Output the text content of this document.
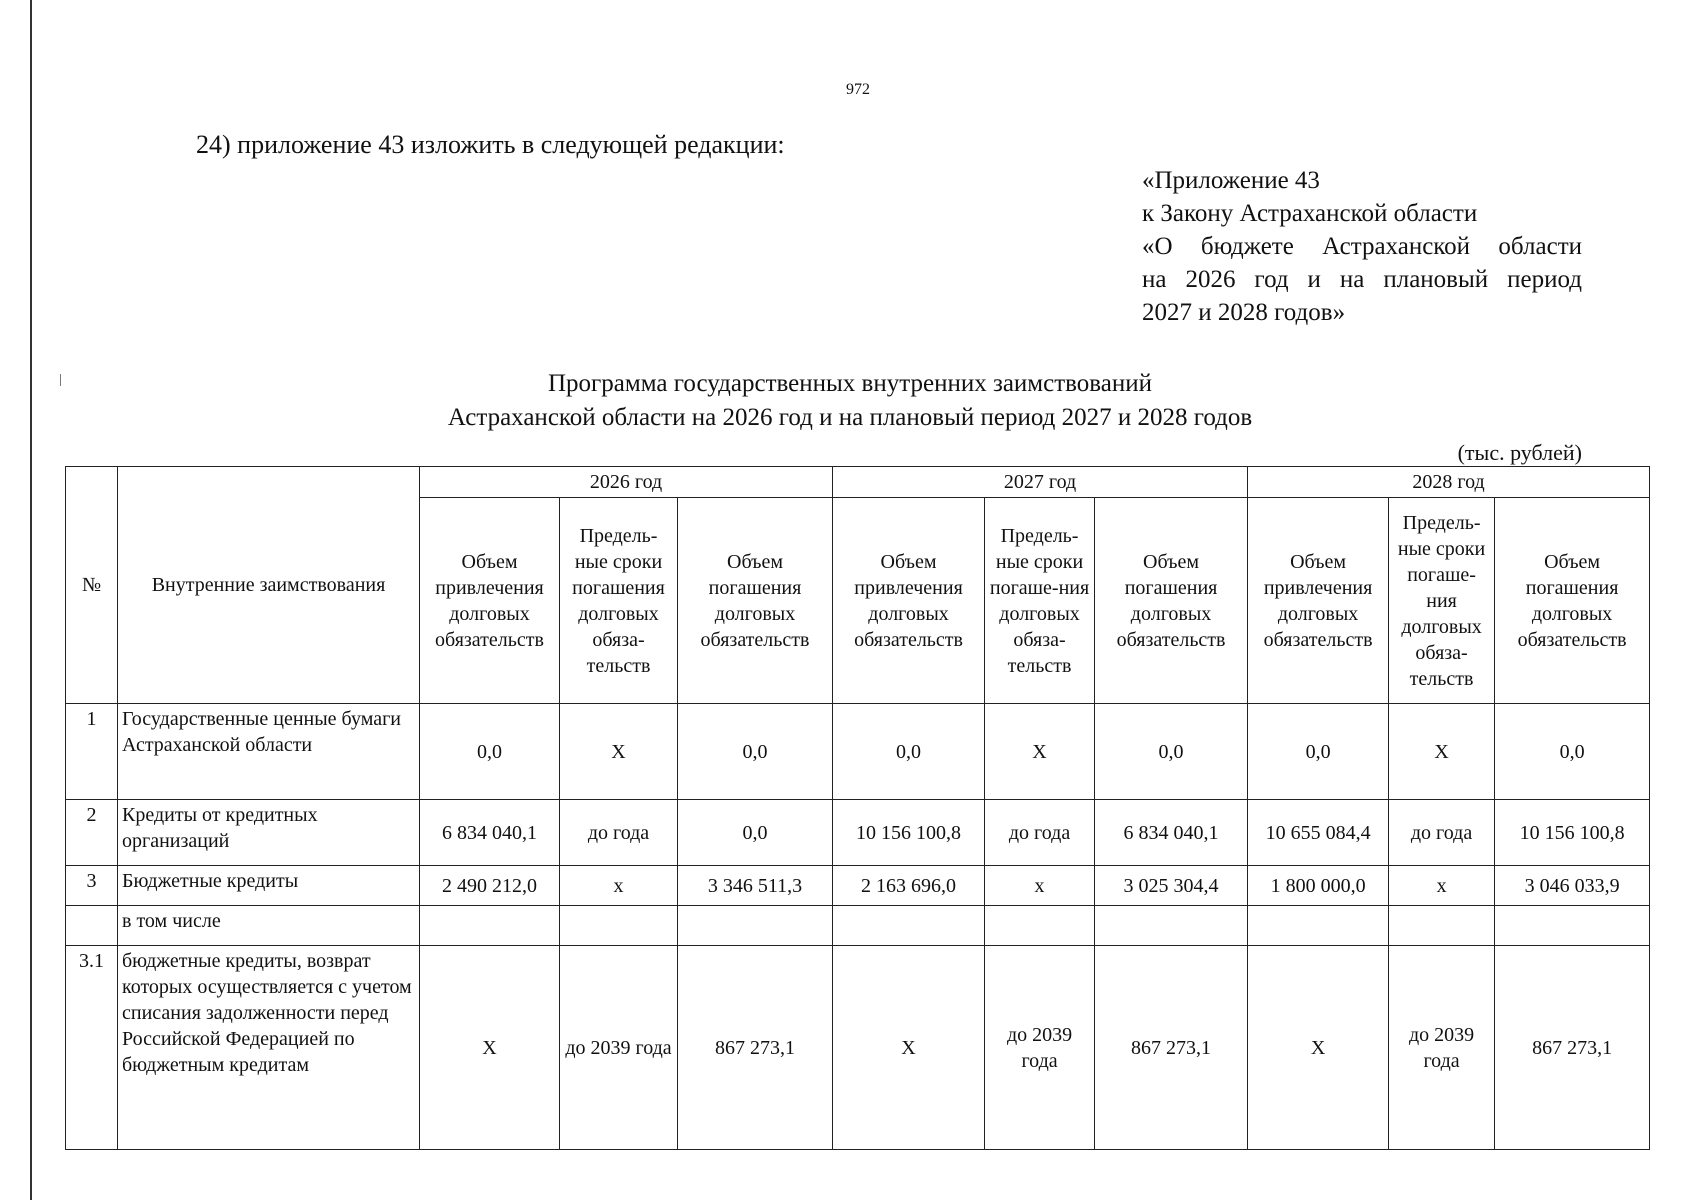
972
24) приложение 43 изложить в следующей редакции:
«Приложение 43
к Закону Астраханской области
«О бюджете Астраханской области
на 2026 год и на плановый период
2027 и 2028 годов»
Программа государственных внутренних заимствований
Астраханской области на 2026 год и на плановый период 2027 и 2028 годов
(тыс. рублей)
№	Внутренние заимствования	2026 год			2027 год			2028 год		
		Объем привлечения долговых обязательств	Предель-ные сроки погашения долговых обяза-тельств	Объем погашения долговых обязательств	Объем привлечения долговых обязательств	Предель-ные сроки погаше-ния долговых обяза-тельств	Объем погашения долговых обязательств	Объем привлечения долговых обязательств	Предель-ные сроки погаше-ния долговых обяза-тельств	Объем погашения долговых обязательств
1	Государственные ценные бумаги Астраханской области	0,0	Х	0,0	0,0	Х	0,0	0,0	Х	0,0
2	Кредиты от кредитных организаций	6 834 040,1	до года	0,0	10 156 100,8	до года	6 834 040,1	10 655 084,4	до года	10 156 100,8
3	Бюджетные кредиты	2 490 212,0	х	3 346 511,3	2 163 696,0	х	3 025 304,4	1 800 000,0	х	3 046 033,9
	в том числе									
3.1	бюджетные кредиты, возврат которых осуществляется с учетом списания задолженности перед Российской Федерацией по бюджетным кредитам	Х	до 2039 года	867 273,1	Х	до 2039 года	867 273,1	Х	до 2039 года	867 273,1
